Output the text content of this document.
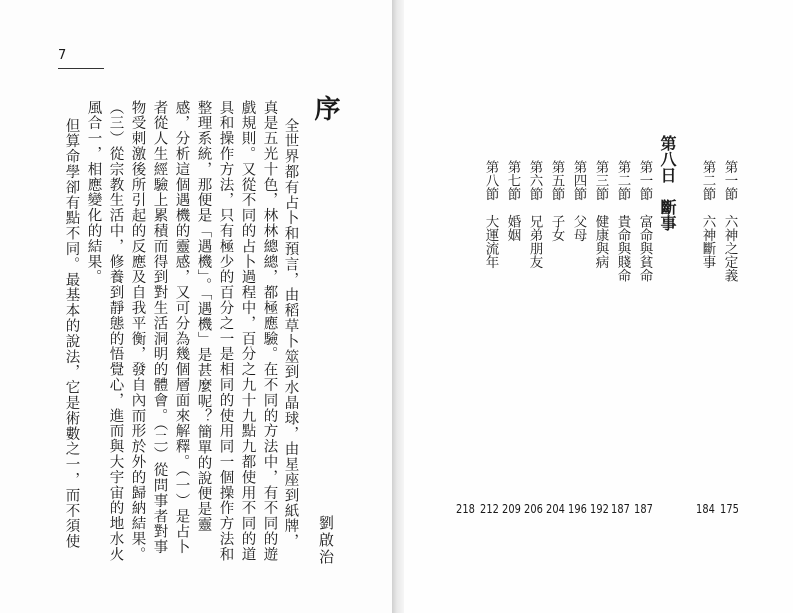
7
序
劉啟治
全世界都有占卜和預言，由稻草卜筮到水晶球，由星座到紙牌，
真是五光十色，林林總總，都極應驗。在不同的方法中，有不同的遊
戲規則。又從不同的占卜過程中，百分之九十九點九都使用不同的道
具和操作方法，只有極少的百分之一是相同的使用同一個操作方法和
整理系統，那便是「遇機」。「遇機」是甚麼呢？簡單的說便是靈
感，分析這個遇機的靈感，又可分為幾個層面來解釋。（一）是占卜
者從人生經驗上累積而得到對生活洞明的體會。（二）從問事者對事
物受刺激後所引起的反應及自我平衡，發自內而形於外的歸納結果。
（三）從宗教生活中，修養到靜態的悟覺心，進而與大宇宙的地水火
風合一，相應變化的結果。
但算命學卻有點不同。最基本的說法，它是術數之一，而不須使	第一節六神之定義
175
第二節六神斷事
184
第八日　斷事
第一節富命與貧命
187
第二節貴命與賤命
187
第三節健康與病
192
第四節父母
196
第五節子女
204
第六節兄弟朋友
206
第七節婚姻
209
第八節大運流年
212
218
